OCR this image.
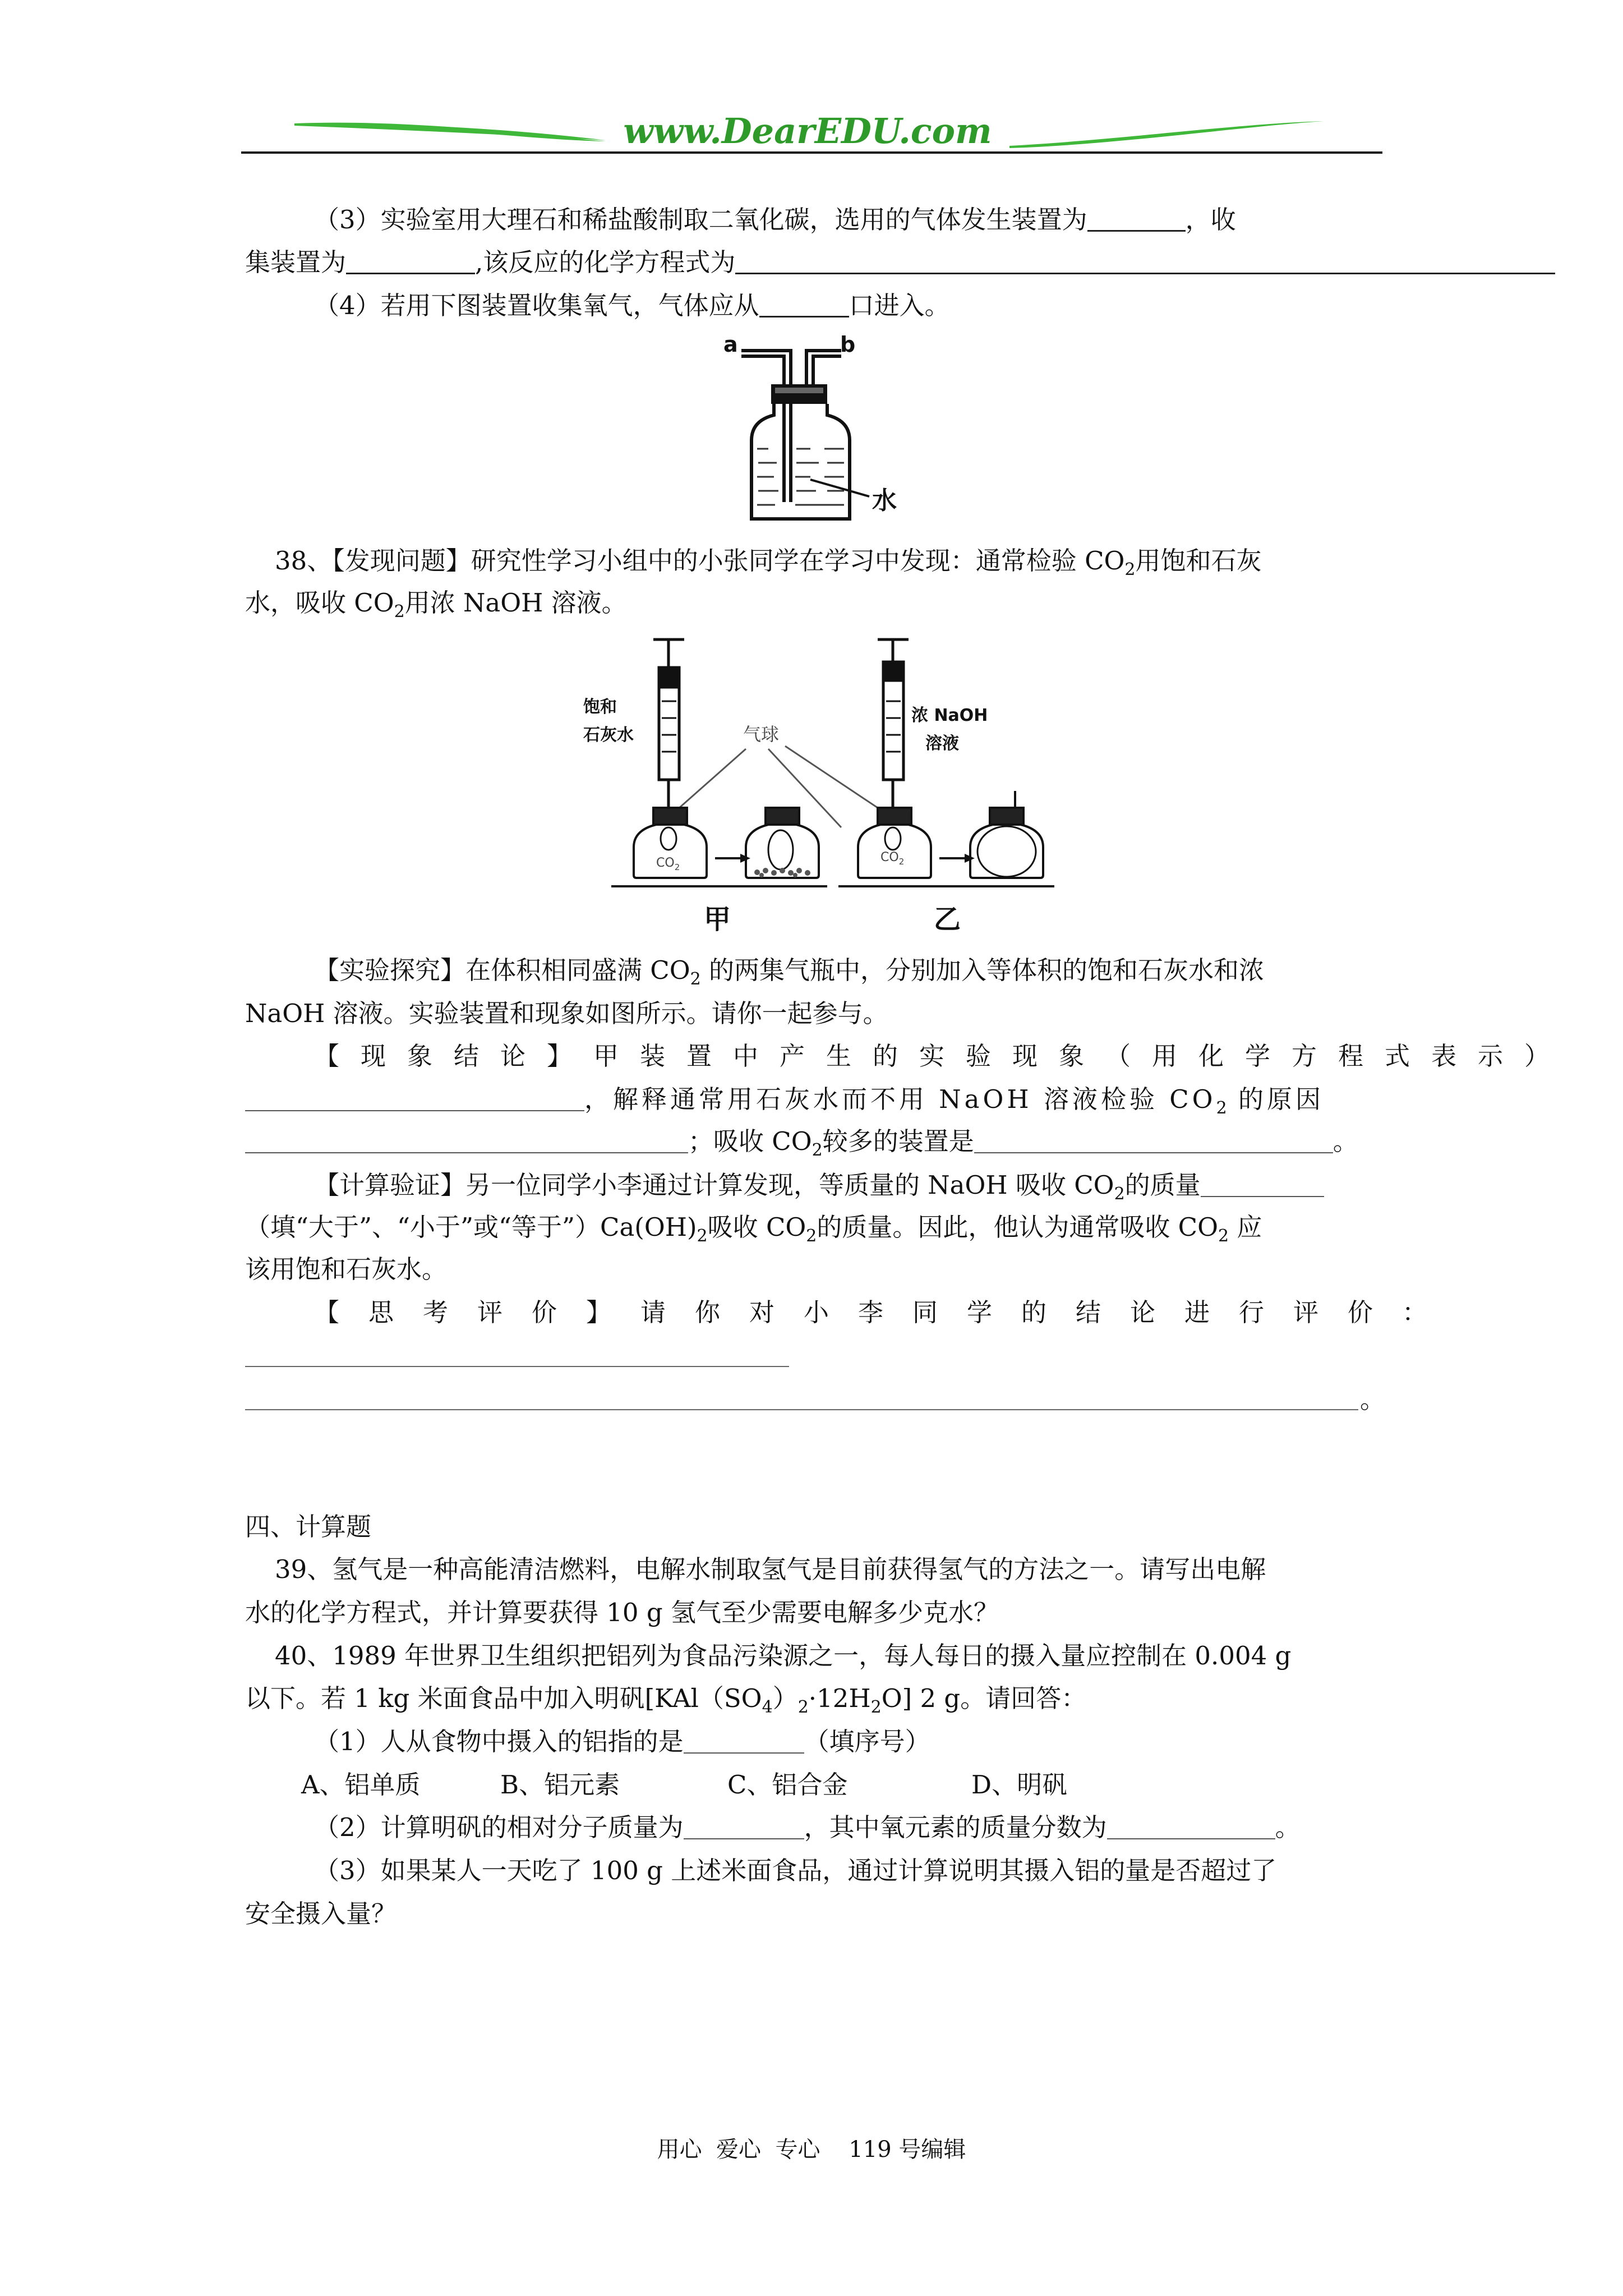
www.DearEDU.com
（3）实验室用大理石和稀盐酸制取二氧化碳，选用的气体发生装置为	，收
集装置为	,该反应的化学方程式为
（4）若用下图装置收集氧气，气体应从	口进入。
a	b
水
38、【发现问题】研究性学习小组中的小张同学在学习中发现：通常检验 $CO_2$用饱和石灰
水，吸收 $CO_2$用浓 NaOH 溶液。
饱和
石灰水
浓 NaOH
溶液
气球
$CO_2$
$CO_2$
甲	乙
【实验探究】在体积相同盛满 $CO_2$ 的两集气瓶中，分别加入等体积的饱和石灰水和浓
NaOH 溶液。实验装置和现象如图所示。请你一起参与。
【现象结论】甲装置中产生的实验现象（用化学方程式表示）
，解释通常用石灰水而不用 NaOH 溶液检验 $CO_2$ 的原因
；吸收 $CO_2$较多的装置是	。
【计算验证】另一位同学小李通过计算发现，等质量的 NaOH 吸收 $CO_2$的质量
（填“大于”、“小于”或“等于$”)Ca(OH)_2$吸收 $CO_2$的质量。因此，他认为通常吸收 $CO_2$ 应
该用饱和石灰水。
【思考评价】请你对小李同学的结论进行评价：
。
四、计算题
39、氢气是一种高能清洁燃料，电解水制取氢气是目前获得氢气的方法之一。请写出电解
水的化学方程式，并计算要获得 10 g 氢气至少需要电解多少克水？
40、1989 年世界卫生组织把铝列为食品污染源之一，每人每日的摄入量应控制在 0.004 g
以下。若 1 kg 米面食品中加入明矾$[KAl(SO_4)_2\cdot 12H_2O]$ 2 g。请回答：
（1）人从食物中摄入的铝指的是	（填序号）
A、铝单质	B、铝元素	C、铝合金	D、明矾
（2）计算明矾的相对分子质量为	，其中氧元素的质量分数为	。
（3）如果某人一天吃了 100 g 上述米面食品，通过计算说明其摄入铝的量是否超过了
安全摄入量？
用心  爱心  专心    119 号编辑
